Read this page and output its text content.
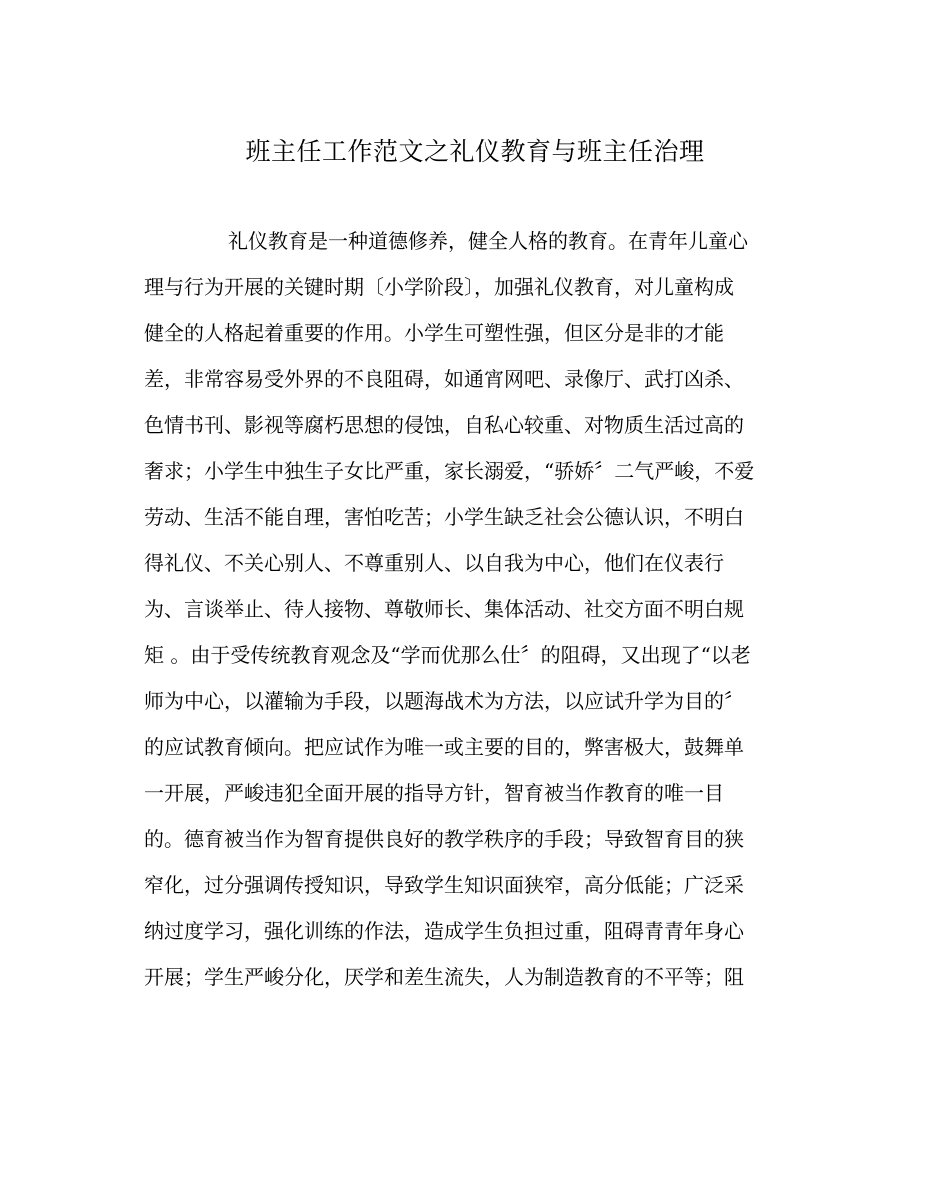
班主任工作范文之礼仪教育与班主任治理
礼仪教育是一种道德修养，健全人格的教育。在青年儿童心
理与行为开展的关键时期〔小学阶段〕，加强礼仪教育，对儿童构成
健全的人格起着重要的作用。小学生可塑性强，但区分是非的才能
差，非常容易受外界的不良阻碍，如通宵网吧、录像厅、武打凶杀、
色情书刊、影视等腐朽思想的侵蚀，自私心较重、对物质生活过高的
奢求；小学生中独生子女比严重，家长溺爱，“骄娇〞二气严峻，不爱
劳动、生活不能自理，害怕吃苦；小学生缺乏社会公德认识，不明白
得礼仪、不关心别人、不尊重别人、以自我为中心，他们在仪表行
为、言谈举止、待人接物、尊敬师长、集体活动、社交方面不明白规
矩 。由于受传统教育观念及“学而优那么仕〞的阻碍，又出现了“以老
师为中心，以灌输为手段，以题海战术为方法，以应试升学为目的〞
的应试教育倾向。把应试作为唯一或主要的目的，弊害极大，鼓舞单
一开展，严峻违犯全面开展的指导方针，智育被当作教育的唯一目
的。德育被当作为智育提供良好的教学秩序的手段；导致智育目的狭
窄化，过分强调传授知识，导致学生知识面狭窄，高分低能；广泛采
纳过度学习，强化训练的作法，造成学生负担过重，阻碍青青年身心
开展；学生严峻分化，厌学和差生流失，人为制造教育的不平等；阻
